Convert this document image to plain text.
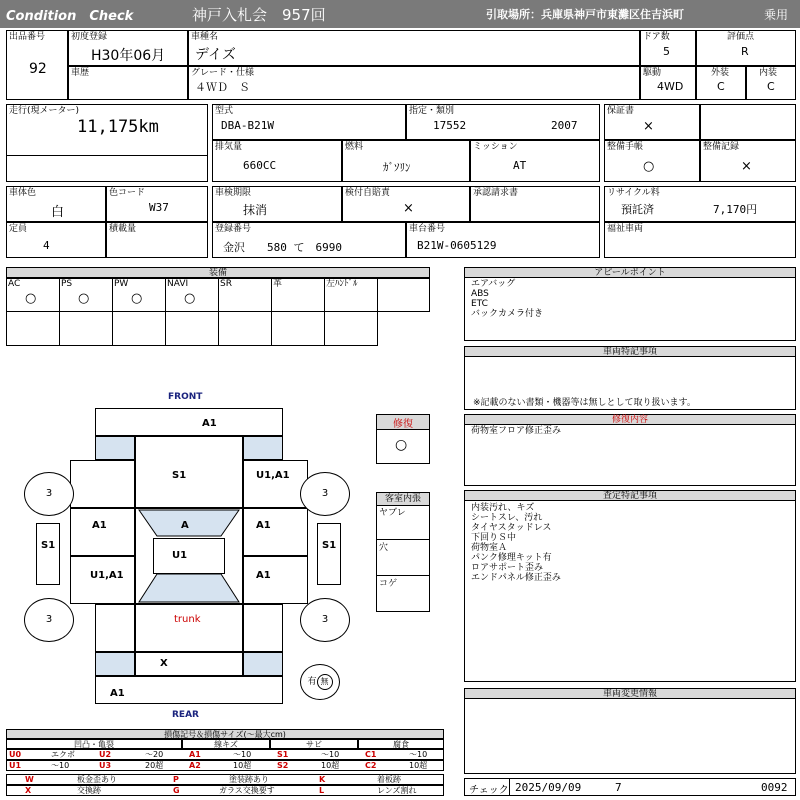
Condition　Check	神戸入札会　957回	引取場所：兵庫県神戸市東灘区住吉浜町	乗用
出品番号
92
初度登録
H30年06月
車歴
車種名
デイズ
グレード・仕様
４ＷＤ　Ｓ
ドア数
5
駆動
4WD
評価点
R
外装
C
内装
C
走行(現メーター)
11,175km
型式
DBA-B21W
指定・類別
17552	2007
保証書
×
排気量
660CC
燃料
ｶﾞｿﾘﾝ
ミッション
AT
整備手帳
○
整備記録
×
車体色
白
色コード
W37
車検期限
抹消
検付自賠責
×
承認請求書	リサイクル料
預託済	7,170円
定員
4
積載量	登録番号
金沢　　580 て　6990
車台番号
B21W-0605129
福祉車両
装備
AC
○
PS
○
PW
○
NAVI
○
SR	革	左ﾊﾝﾄﾞﾙ
アピールポイント
エアバッグ
ABS
ETC
バックカメラ付き
車両特記事項
※記載のない書類・機器等は無しとして取り扱います。
修復内容
荷物室フロア修正歪み
査定特記事項
内装汚れ、キズ
シートスレ、汚れ
タイヤスタッドレス
下回りＳ中
荷物室Ａ
パンク修理キット有
ロアサポート歪み
エンドパネル修正歪み
車両変更情報
チェック 2025/09/09	7	0092
修復
○
客室内張
ヤブレ
穴
コゲ
FRONT
A1
S1	U1,A1
A1	A1
U1,A1	A1
A
U1
S1	S1
trunk
X
A1
REAR
3	3
3	3
有 無
損傷記号＆損傷サイズ(～最大cm)
凹凸・亀裂	線キズ	サビ	腐食
U0	エクボ	U2	～20	A1	～10	S1	～10	C1	～10
U1	～10	U3	20超	A2	10超	S2	10超	C2	10超
W	板金歪あり	P	塗装跡あり	K	着板跡
X	交換跡	G	ガラス交換要す	L	レンズ割れ
